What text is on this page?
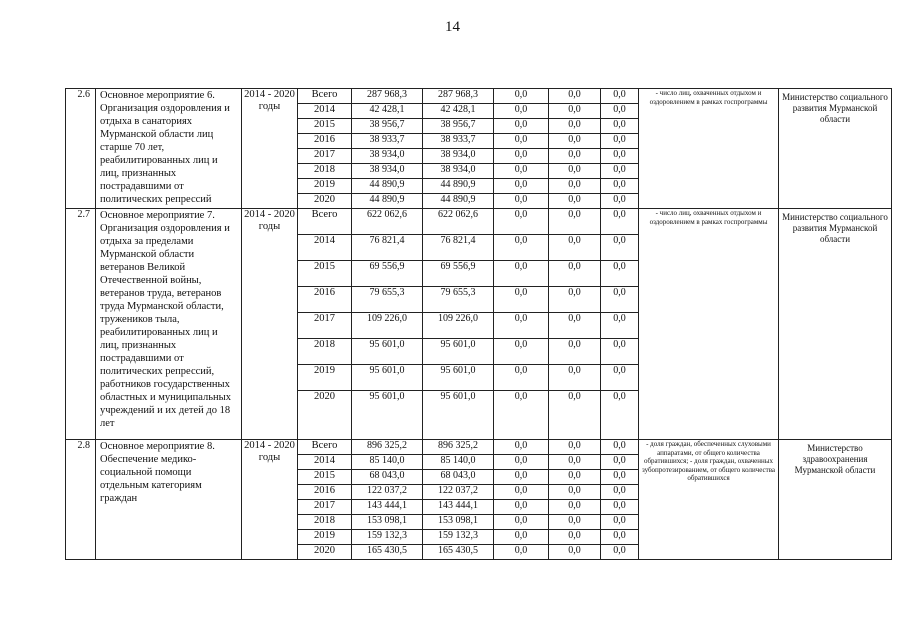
14
2.6	Основное мероприятие 6. Организация оздоровления и отдыха в санаториях Мурманской области лиц старше 70 лет, реабилитированных лиц и лиц, признанных пострадавшими от политических репрессий	2014 - 2020 годы	Всего	287 968,3	287 968,3	0,0	0,0	0,0	- число лиц, охваченных отдыхом и оздоровлением в рамках госпрограммы	Министерство социального развития Мурманской области
			2014	42 428,1	42 428,1	0,0	0,0	0,0		
			2015	38 956,7	38 956,7	0,0	0,0	0,0		
			2016	38 933,7	38 933,7	0,0	0,0	0,0		
			2017	38 934,0	38 934,0	0,0	0,0	0,0		
			2018	38 934,0	38 934,0	0,0	0,0	0,0		
			2019	44 890,9	44 890,9	0,0	0,0	0,0		
			2020	44 890,9	44 890,9	0,0	0,0	0,0		
2.7	Основное мероприятие 7. Организация оздоровления и отдыха за пределами Мурманской области ветеранов Великой Отечественной войны, ветеранов труда, ветеранов труда Мурманской области, тружеников тыла, реабилитированных лиц и лиц, признанных пострадавшими от политических репрессий, работников государственных областных и муниципальных учреждений и их детей до 18 лет	2014 - 2020 годы	Всего	622 062,6	622 062,6	0,0	0,0	0,0	- число лиц, охваченных отдыхом и оздоровлением в рамках госпрограммы	Министерство социального развития Мурманской области
			2014	76 821,4	76 821,4	0,0	0,0	0,0		
			2015	69 556,9	69 556,9	0,0	0,0	0,0		
			2016	79 655,3	79 655,3	0,0	0,0	0,0		
			2017	109 226,0	109 226,0	0,0	0,0	0,0		
			2018	95 601,0	95 601,0	0,0	0,0	0,0		
			2019	95 601,0	95 601,0	0,0	0,0	0,0		
			2020	95 601,0	95 601,0	0,0	0,0	0,0		
2.8	Основное мероприятие 8. Обеспечение медико-социальной помощи отдельным категориям граждан	2014 - 2020 годы	Всего	896 325,2	896 325,2	0,0	0,0	0,0	- доля граждан, обеспеченных слуховыми аппаратами, от общего количества обратившихся; - доля граждан, охваченных зубопротезированием, от общего количества обратившихся	Министерство здравоохранения Мурманской области
			2014	85 140,0	85 140,0	0,0	0,0	0,0		
			2015	68 043,0	68 043,0	0,0	0,0	0,0		
			2016	122 037,2	122 037,2	0,0	0,0	0,0		
			2017	143 444,1	143 444,1	0,0	0,0	0,0		
			2018	153 098,1	153 098,1	0,0	0,0	0,0		
			2019	159 132,3	159 132,3	0,0	0,0	0,0		
			2020	165 430,5	165 430,5	0,0	0,0	0,0		
